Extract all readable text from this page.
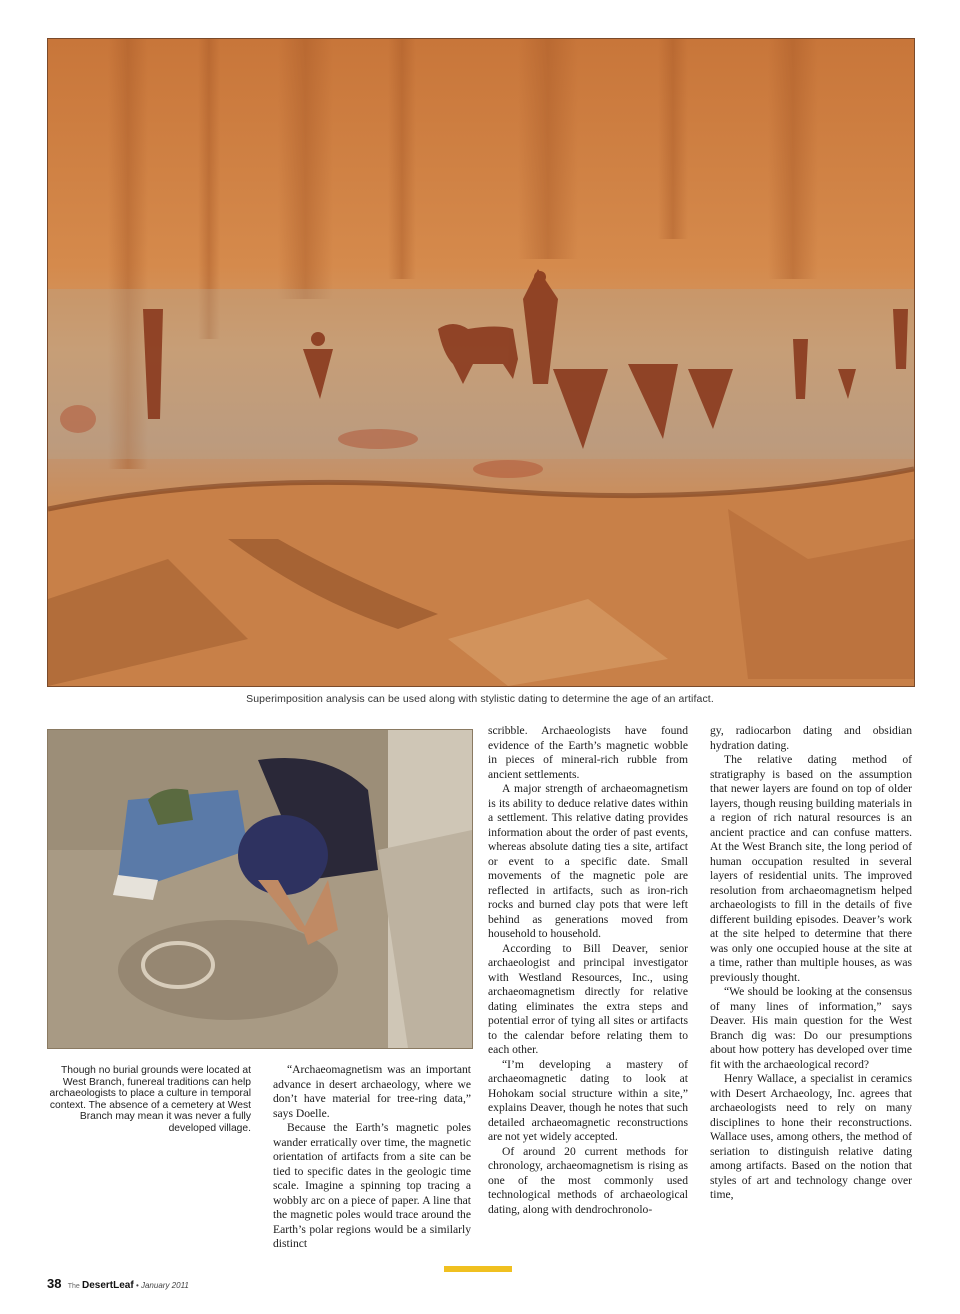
Superimposition analysis can be used along with stylistic dating to determine the age of an artifact.
Though no burial grounds were located at West Branch, funereal traditions can help archaeologists to place a culture in temporal context. The absence of a cemetery at West Branch may mean it was never a fully developed village.

“Archaeomagnetism was an important advance in desert archaeology, where we don’t have material for tree-ring data,” says Doelle.

Because the Earth’s magnetic poles wander erratically over time, the magnetic orientation of artifacts from a site can be tied to specific dates in the geologic time scale. Imagine a spinning top tracing a wobbly arc on a piece of paper. A line that the magnetic poles would trace around the Earth’s polar regions would be a similarly distinct

scribble. Archaeologists have found evidence of the Earth’s magnetic wobble in pieces of mineral-rich rubble from ancient settlements.

A major strength of archaeomagnetism is its ability to deduce relative dates within a settlement. This relative dating provides information about the order of past events, whereas absolute dating ties a site, artifact or event to a specific date. Small movements of the magnetic pole are reflected in artifacts, such as iron-rich rocks and burned clay pots that were left behind as generations moved from household to household.

According to Bill Deaver, senior archaeologist and principal investigator with Westland Resources, Inc., using archaeomagnetism directly for relative dating eliminates the extra steps and potential error of tying all sites or artifacts to the calendar before relating them to each other.

“I’m developing a mastery of archaeomagnetic dating to look at Hohokam social structure within a site,” explains Deaver, though he notes that such detailed archaeomagnetic reconstructions are not yet widely accepted.

Of around 20 current methods for chronology, archaeomagnetism is rising as one of the most commonly used technological methods of archaeological dating, along with dendrochronolo-

gy, radiocarbon dating and obsidian hydration dating.

The relative dating method of stratigraphy is based on the assumption that newer layers are found on top of older layers, though reusing building materials in a region of rich natural resources is an ancient practice and can confuse matters. At the West Branch site, the long period of human occupation resulted in several layers of residential units. The improved resolution from archaeomagnetism helped archaeologists to fill in the details of five different building episodes. Deaver’s work at the site helped to determine that there was only one occupied house at the site at a time, rather than multiple houses, as was previously thought.

“We should be looking at the consensus of many lines of information,” says Deaver. His main question for the West Branch dig was: Do our presumptions about how pottery has developed over time fit with the archaeological record?

Henry Wallace, a specialist in ceramics with Desert Archaeology, Inc. agrees that archaeologists need to rely on many disciplines to hone their reconstructions. Wallace uses, among others, the method of seriation to distinguish relative dating among artifacts. Based on the notion that styles of art and technology change over time,

38 The DesertLeaf • January 2011
